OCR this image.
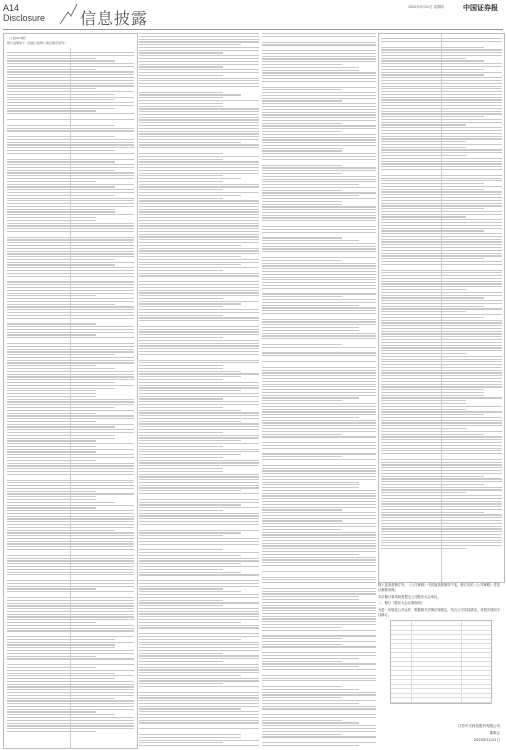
A14
Disclosure 信息披露
2020年5月21日 星期四	中国证券报
（上接A13版）
修订说明如下（表格已按修订前后顺序排列）：

除上述条款修订外，《公司章程》中其他条款保持不变，修订后的《公司章程》详见巨潮资讯网。

本次修订事项尚需提交公司股东大会审议。

二、修订《股东大会议事规则》

为进一步规范公司运作，根据相关法律法规规定，结合公司实际情况，对相关规则予以修订。

江苏中天科技股份有限公司
董事会
2020年5月21日
